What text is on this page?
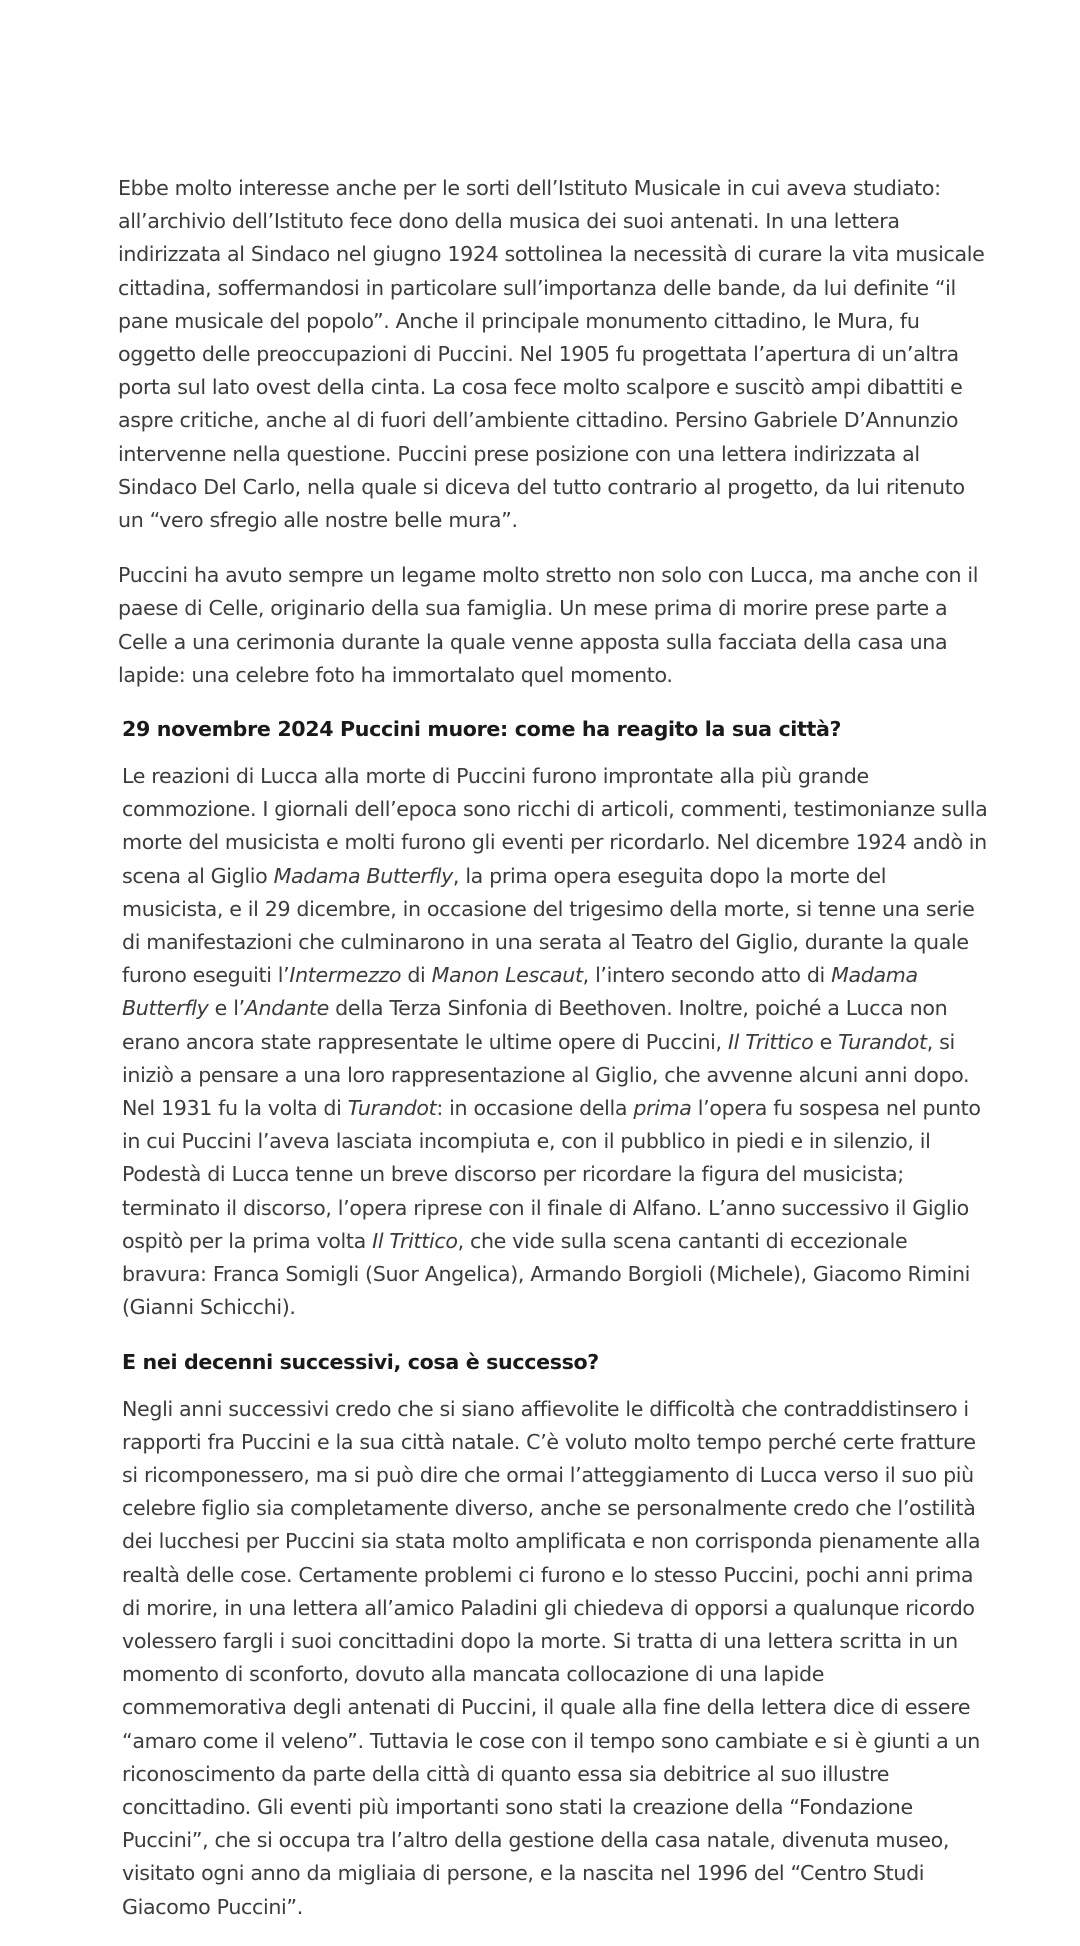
Ebbe molto interesse anche per le sorti dell’Istituto Musicale in cui aveva studiato: all’archivio dell’Istituto fece dono della musica dei suoi antenati. In una lettera indirizzata al Sindaco nel giugno 1924 sottolinea la necessità di curare la vita musicale cittadina, soffermandosi in particolare sull’importanza delle bande, da lui definite “il pane musicale del popolo”. Anche il principale monumento cittadino, le Mura, fu oggetto delle preoccupazioni di Puccini. Nel 1905 fu progettata l’apertura di un’altra porta sul lato ovest della cinta. La cosa fece molto scalpore e suscitò ampi dibattiti e aspre critiche, anche al di fuori dell’ambiente cittadino. Persino Gabriele D’Annunzio intervenne nella questione. Puccini prese posizione con una lettera indirizzata al Sindaco Del Carlo, nella quale si diceva del tutto contrario al progetto, da lui ritenuto un “vero sfregio alle nostre belle mura”.

Puccini ha avuto sempre un legame molto stretto non solo con Lucca, ma anche con il paese di Celle, originario della sua famiglia. Un mese prima di morire prese parte a Celle a una cerimonia durante la quale venne apposta sulla facciata della casa una lapide: una celebre foto ha immortalato quel momento.

29 novembre 2024 Puccini muore: come ha reagito la sua città?

Le reazioni di Lucca alla morte di Puccini furono improntate alla più grande commozione. I giornali dell’epoca sono ricchi di articoli, commenti, testimonianze sulla morte del musicista e molti furono gli eventi per ricordarlo. Nel dicembre 1924 andò in scena al Giglio Madama Butterfly, la prima opera eseguita dopo la morte del musicista, e il 29 dicembre, in occasione del trigesimo della morte, si tenne una serie di manifestazioni che culminarono in una serata al Teatro del Giglio, durante la quale furono eseguiti l’Intermezzo di Manon Lescaut, l’intero secondo atto di Madama Butterfly e l’Andante della Terza Sinfonia di Beethoven. Inoltre, poiché a Lucca non erano ancora state rappresentate le ultime opere di Puccini, Il Trittico e Turandot, si iniziò a pensare a una loro rappresentazione al Giglio, che avvenne alcuni anni dopo. Nel 1931 fu la volta di Turandot: in occasione della prima l’opera fu sospesa nel punto in cui Puccini l’aveva lasciata incompiuta e, con il pubblico in piedi e in silenzio, il Podestà di Lucca tenne un breve discorso per ricordare la figura del musicista; terminato il discorso, l’opera riprese con il finale di Alfano. L’anno successivo il Giglio ospitò per la prima volta Il Trittico, che vide sulla scena cantanti di eccezionale bravura: Franca Somigli (Suor Angelica), Armando Borgioli (Michele), Giacomo Rimini (Gianni Schicchi).

E nei decenni successivi, cosa è successo?

Negli anni successivi credo che si siano affievolite le difficoltà che contraddistinsero i rapporti fra Puccini e la sua città natale. C’è voluto molto tempo perché certe fratture si ricomponessero, ma si può dire che ormai l’atteggiamento di Lucca verso il suo più celebre figlio sia completamente diverso, anche se personalmente credo che l’ostilità dei lucchesi per Puccini sia stata molto amplificata e non corrisponda pienamente alla realtà delle cose. Certamente problemi ci furono e lo stesso Puccini, pochi anni prima di morire, in una lettera all’amico Paladini gli chiedeva di opporsi a qualunque ricordo volessero fargli i suoi concittadini dopo la morte. Si tratta di una lettera scritta in un momento di sconforto, dovuto alla mancata collocazione di una lapide commemorativa degli antenati di Puccini, il quale alla fine della lettera dice di essere “amaro come il veleno”. Tuttavia le cose con il tempo sono cambiate e si è giunti a un riconoscimento da parte della città di quanto essa sia debitrice al suo illustre concittadino. Gli eventi più importanti sono stati la creazione della “Fondazione Puccini”, che si occupa tra l’altro della gestione della casa natale, divenuta museo, visitato ogni anno da migliaia di persone, e la nascita nel 1996 del “Centro Studi Giacomo Puccini”.
